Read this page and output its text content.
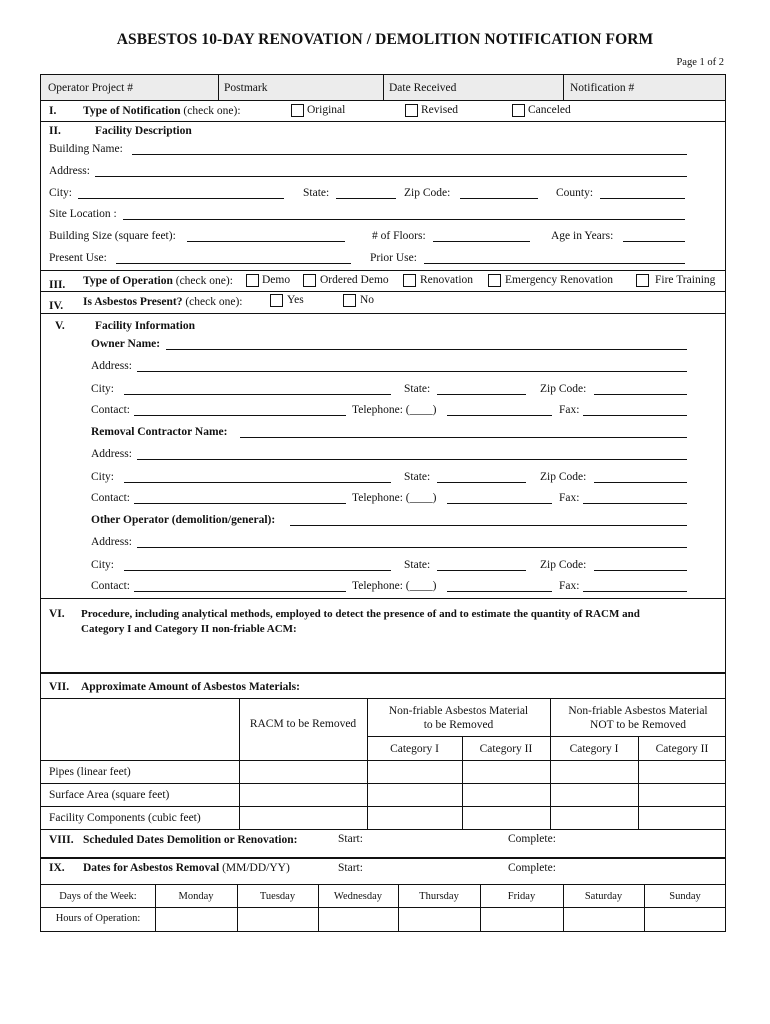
ASBESTOS 10-DAY RENOVATION / DEMOLITION NOTIFICATION FORM
Page 1 of 2
Operator Project #	Postmark	Date Received	Notification #
I. Type of Notification (check one):	Original	Revised	Canceled
II.	Facility Description
Building Name:
Address:
City:	State:	Zip Code:	County:
Site Location :
Building Size (square feet):	# of Floors:	Age in Years:
Present Use:	Prior Use:
III. Type of Operation (check one):	Demo	Ordered Demo	Renovation	Emergency Renovation	Fire Training
IV. Is Asbestos Present? (check one):	Yes	No
V.	Facility Information
Owner Name:
Address:
City:	State:	Zip Code:
Contact:	Telephone: (____)	Fax:
Removal Contractor Name:
Address:
City:	State:	Zip Code:
Contact:	Telephone: (____)	Fax:
Other Operator (demolition/general):
Address:
City:	State:	Zip Code:
Contact:	Telephone: (____)	Fax:
VI. Procedure, including analytical methods, employed to detect the presence of and to estimate the quantity of RACM and
Category I and Category II non-friable ACM:
VII. Approximate Amount of Asbestos Materials:
RACM to be Removed
Non-friable Asbestos Material
to be Removed
Non-friable Asbestos Material
NOT to be Removed
Category I	Category II	Category I	Category II
Pipes (linear feet)
Surface Area (square feet)
Facility Components (cubic feet)
VIII. Scheduled Dates Demolition or Renovation:	Start:	Complete:
IX. Dates for Asbestos Removal (MM/DD/YY)	Start:	Complete:
Days of the Week:	Monday	Tuesday	Wednesday	Thursday	Friday	Saturday	Sunday
Hours of Operation:
